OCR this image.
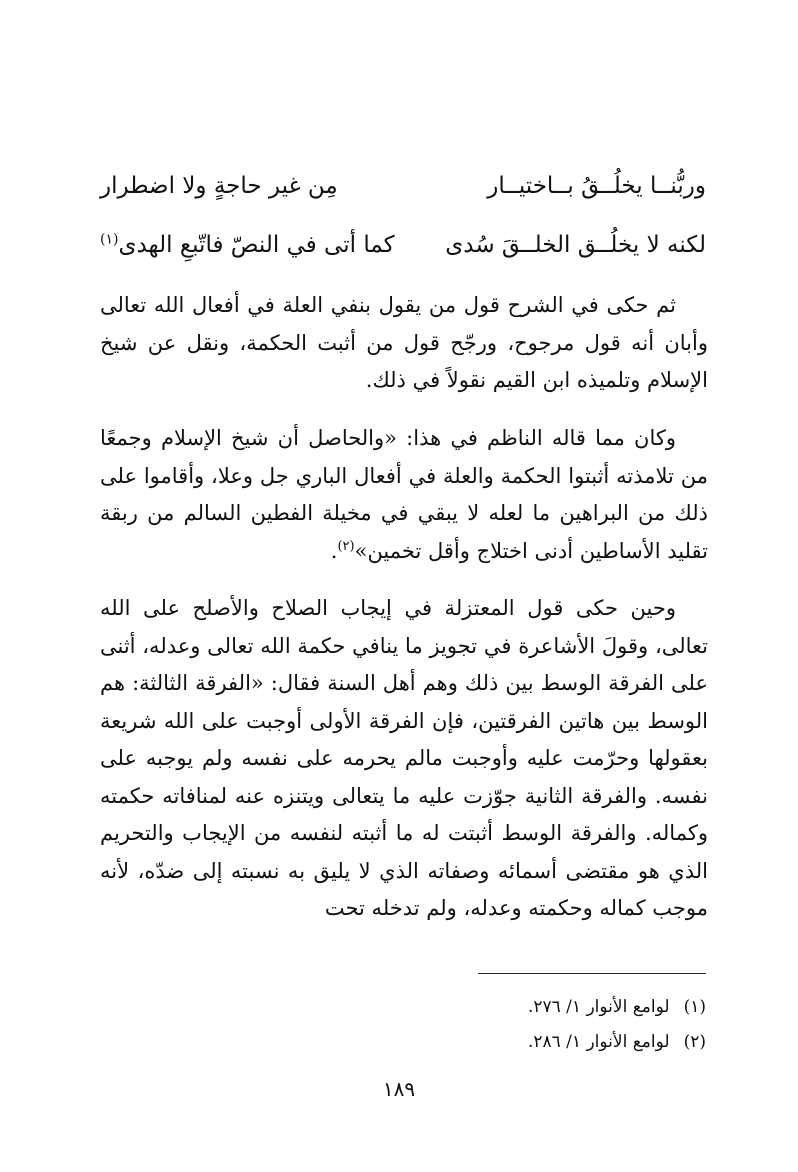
وربُّنــا يخلُــقُ بــاختيــار
مِن غير حاجةٍ ولا اضطرار
لكنه لا يخلُــق الخلــقَ سُدى
كما أتى في النصّ فاتّبعِ الهدى$^{(١)}$
ثم حكى في الشرح قول من يقول بنفي العلة في أفعال الله تعالى وأبان أنه قول مرجوح، ورجّح قول من أثبت الحكمة، ونقل عن شيخ الإسلام وتلميذه ابن القيم نقولاً في ذلك.
وكان مما قاله الناظم في هذا: «والحاصل أن شيخ الإسلام وجمعًا من تلامذته أثبتوا الحكمة والعلة في أفعال الباري جل وعلا، وأقاموا على ذلك من البراهين ما لعله لا يبقي في مخيلة الفطين السالم من ربقة تقليد الأساطين أدنى اختلاج وأقل تخمين»$^{(٢)}$.
وحين حكى قول المعتزلة في إيجاب الصلاح والأصلح على الله تعالى، وقولَ الأشاعرة في تجويز ما ينافي حكمة الله تعالى وعدله، أثنى على الفرقة الوسط بين ذلك وهم أهل السنة فقال: «الفرقة الثالثة: هم الوسط بين هاتين الفرقتين، فإن الفرقة الأولى أوجبت على الله شريعة بعقولها وحرّمت عليه وأوجبت مالم يحرمه على نفسه ولم يوجبه على نفسه. والفرقة الثانية جوّزت عليه ما يتعالى ويتنزه عنه لمنافاته حكمته وكماله. والفرقة الوسط أثبتت له ما أثبته لنفسه من الإيجاب والتحريم الذي هو مقتضى أسمائه وصفاته الذي لا يليق به نسبته إلى ضدّه، لأنه موجب كماله وحكمته وعدله، ولم تدخله تحت
(١)لوامع الأنوار ١/ ٢٧٦.
(٢)لوامع الأنوار ١/ ٢٨٦.
١٨٩
